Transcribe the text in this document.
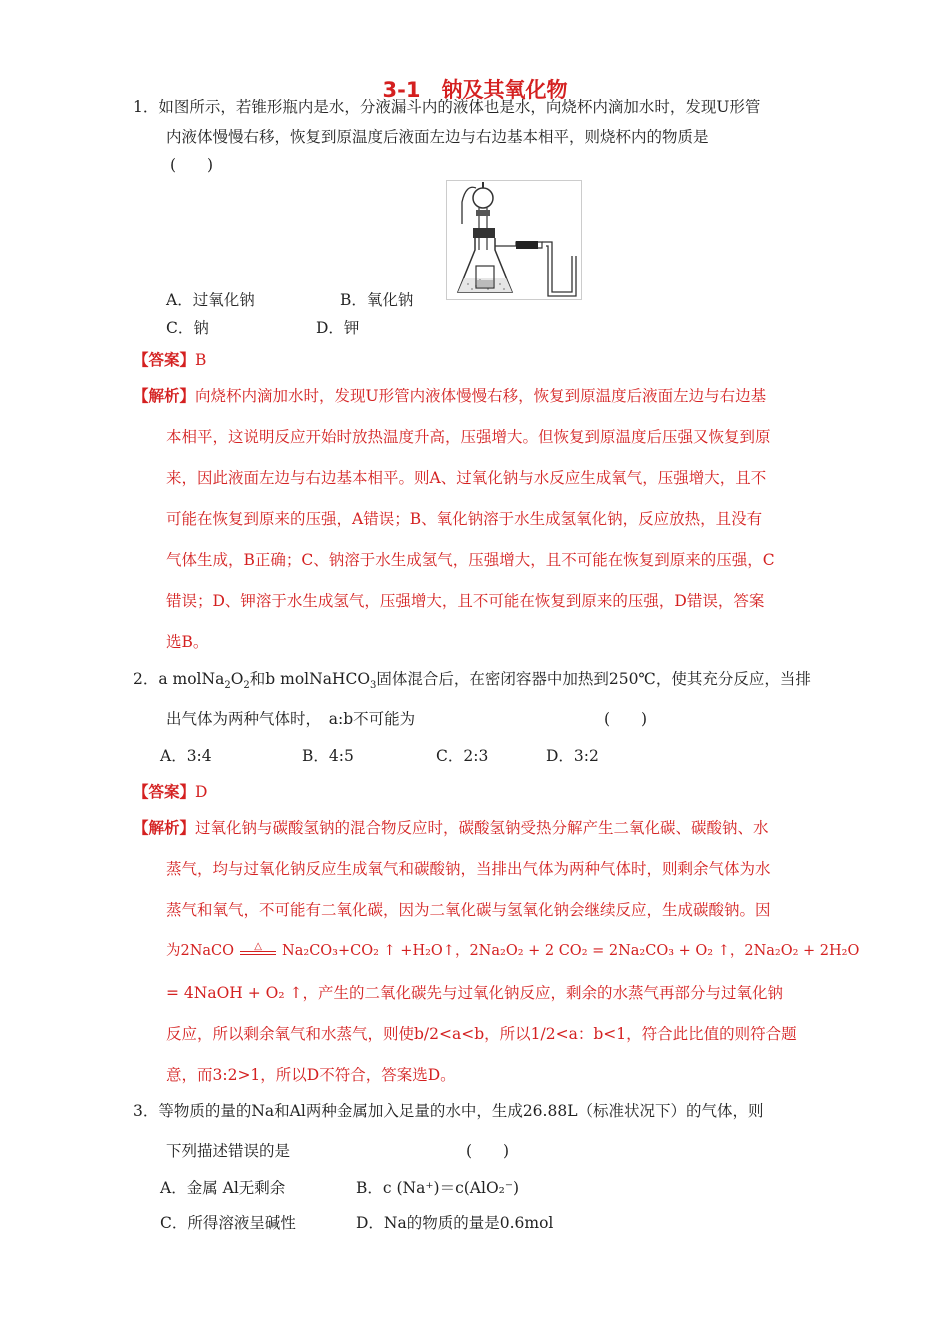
3-1　钠及其氧化物
1．如图所示，若锥形瓶内是水，分液漏斗内的液体也是水，向烧杯内滴加水时，发现U形管
内液体慢慢右移，恢复到原温度后液面左边与右边基本相平，则烧杯内的物质是
(　　)
A．过氧化钠	B．氧化钠
C．钠	D．钾
【答案】B
【解析】向烧杯内滴加水时，发现U形管内液体慢慢右移，恢复到原温度后液面左边与右边基
本相平，这说明反应开始时放热温度升高，压强增大。但恢复到原温度后压强又恢复到原
来，因此液面左边与右边基本相平。则A、过氧化钠与水反应生成氧气，压强增大，且不
可能在恢复到原来的压强，A错误；B、氧化钠溶于水生成氢氧化钠，反应放热，且没有
气体生成，B正确；C、钠溶于水生成氢气，压强增大，且不可能在恢复到原来的压强，C
错误；D、钾溶于水生成氢气，压强增大，且不可能在恢复到原来的压强，D错误，答案
选B。
2．a $molNa_2O_2$和b molNaHCO$_3$固体混合后，在密闭容器中加热到250℃，使其充分反应，当排
出气体为两种气体时，　a:b不可能为	(　　)
A．3:4	B．4:5	C．2:3	D．3:2
【答案】D
【解析】过氧化钠与碳酸氢钠的混合物反应时，碳酸氢钠受热分解产生二氧化碳、碳酸钠、水
蒸气，均与过氧化钠反应生成氧气和碳酸钠，当排出气体为两种气体时，则剩余气体为水
蒸气和氧气，不可能有二氧化碳，因为二氧化碳与氢氧化钠会继续反应，生成碳酸钠。因
为2NaCO	△	Na₂CO₃+CO₂ ↑ +H₂O↑，2Na₂O₂ + 2 CO₂ = 2Na₂CO₃ + O₂ ↑，2Na₂O₂ + 2H₂O
= 4NaOH + O₂ ↑，产生的二氧化碳先与过氧化钠反应，剩余的水蒸气再部分与过氧化钠
反应，所以剩余氧气和水蒸气，则使b/2<a<b，所以1/2<a：b<1，符合此比值的则符合题
意，而3:2>1，所以D不符合，答案选D。
3．等物质的量的Na和Al两种金属加入足量的水中，生成26.88L（标准状况下）的气体，则
下列描述错误的是	(　　)
A．金属 Al无剩余	B．c (Na⁺)＝c(AlO₂⁻)
C．所得溶液呈碱性	D．Na的物质的量是0.6mol
